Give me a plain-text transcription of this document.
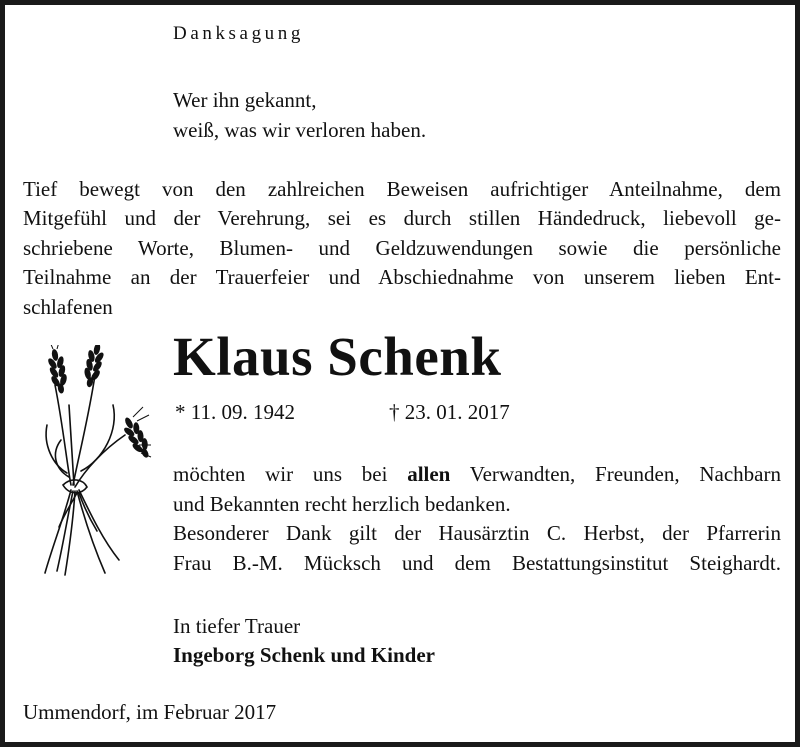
Danksagung
Wer ihn gekannt,
weiß, was wir verloren haben.
Tief bewegt von den zahlreichen Beweisen aufrichtiger Anteilnahme, dem
Mitgefühl und der Verehrung, sei es durch stillen Händedruck, liebevoll ge-
schriebene Worte, Blumen- und Geldzuwendungen sowie die persönliche
Teilnahme an der Trauerfeier und Abschiednahme von unserem lieben Ent-
schlafenen
Klaus Schenk
* 11. 09. 1942	† 23. 01. 2017
möchten wir uns bei allen Verwandten, Freunden, Nachbarn
und Bekannten recht herzlich bedanken.
Besonderer Dank gilt der Hausärztin C. Herbst, der Pfarrerin
Frau B.-M. Mücksch und dem Bestattungsinstitut Steighardt.
In tiefer Trauer
Ingeborg Schenk und Kinder
Ummendorf, im Februar 2017
